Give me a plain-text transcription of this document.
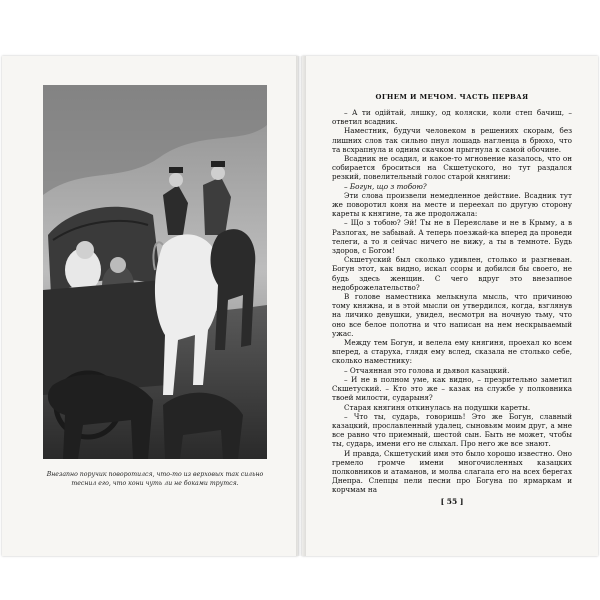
Внезапно поручик поворотился, что-то из верховых так сильно теснил его, что кони чуть ли не боками трутся.
ОГНЕМ И МЕЧОМ. ЧАСТЬ ПЕРВАЯ

– А ти одійтай, ляшку, од коляски, коли степ бачиш, – ответил всадник.

Наместник, будучи человеком в решениях скорым, без лишних слов так сильно пнул лошадь нагленца в брюхо, что та всхрапнула и одним скачком прыгнула к самой обочине.

Всадник не осадил, и какое-то мгновение казалось, что он собирается броситься на Скшетуского, но тут раздался резкий, повелительный голос старой княгини:

– Богун, що з тобою?

Эти слова произвели немедленное действие. Всадник тут же поворотил коня на месте и переехал по другую сторону кареты к княгине, та же продолжала:

– Що з тобою? Эй! Ты не в Переяславе и не в Крыму, а в Разлогах, не забывай. А теперь поезжай-ка вперед да проведи телеги, а то я сейчас ничего не вижу, а ты в темноте. Будь здоров, с Богом!

Скшетуский был сколько удивлен, столько и разгневан. Богун этот, как видно, искал ссоры и добился бы своего, не будь здесь женщин. С чего вдруг это внезапное недоброжелательство?

В голове наместника мелькнула мысль, что причиною тому княжна, и в этой мысли он утвердился, когда, взглянув на личико девушки, увидел, несмотря на ночную тьму, что оно все белое полотна и что написан на нем нескрываемый ужас.

Между тем Богун, и велела ему княгиня, проехал ко всем вперед, а старуха, глядя ему вслед, сказала не столько себе, сколько наместнику:

– Отчаянная это голова и дьявол казацкий.

– И не в полном уме, как видно, – презрительно заметил Скшетуский. – Кто это же – казак на службе у полковника твоей милости, сударыня?

Старая княгиня откинулась на подушки кареты.

– Что ты, сударь, говоришь! Это же Богун, славный казацкий, прославленный удалец, сыновьям моим друг, а мне все равно что приемный, шестой сын. Быть не может, чтобы ты, сударь, имени его не слыхал. Про него же все знают.

И правда, Скшетуский имя это было хорошо известно. Оно гремело громче имени многочисленных казацких полковников и атаманов, и молва слагала его на всех берегах Днепра. Слепцы пели песни про Богуна по ярмаркам и корчмам на

[ 55 ]
